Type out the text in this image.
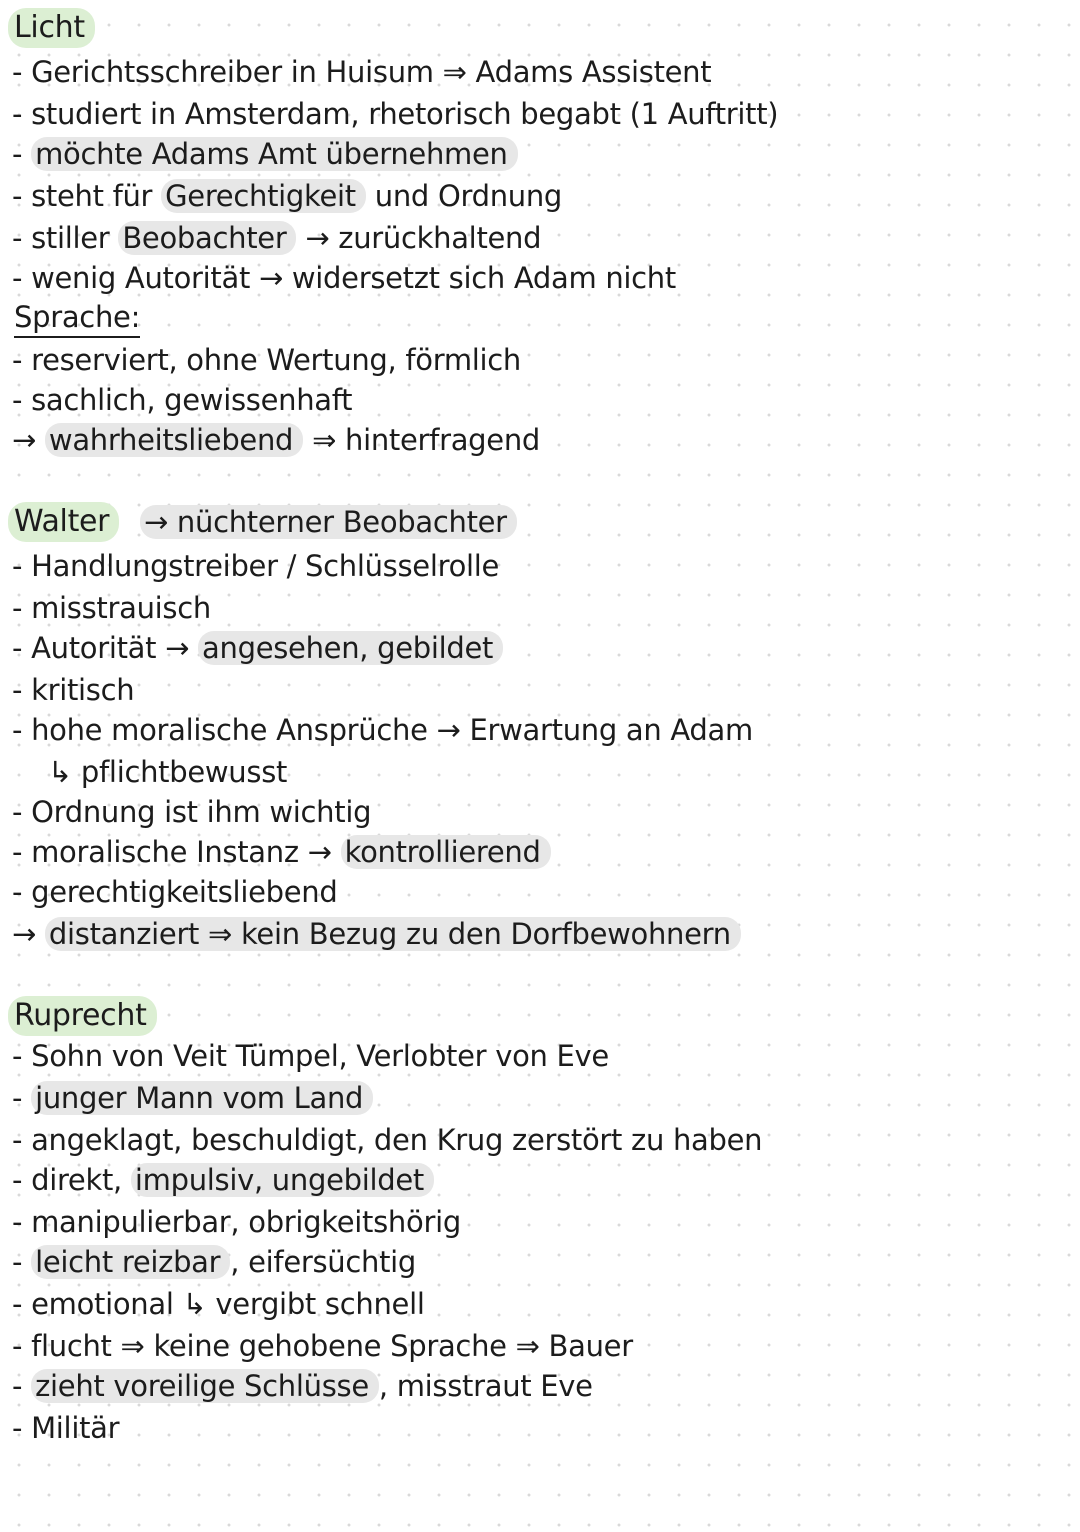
Licht
- Gerichtsschreiber in Huisum ⇒ Adams Assistent
- studiert in Amsterdam, rhetorisch begabt (1 Auftritt)
- möchte Adams Amt übernehmen
- steht für Gerechtigkeit und Ordnung
- stiller Beobachter → zurückhaltend
- wenig Autorität → widersetzt sich Adam nicht
Sprache:
- reserviert, ohne Wertung, förmlich
- sachlich, gewissenhaft
→ wahrheitsliebend ⇒ hinterfragend
Walter	→ nüchterner Beobachter
- Handlungstreiber / Schlüsselrolle
- misstrauisch
- Autorität → angesehen, gebildet
- kritisch
- hohe moralische Ansprüche → Erwartung an Adam
↳ pflichtbewusst
- Ordnung ist ihm wichtig
- moralische Instanz → kontrollierend
- gerechtigkeitsliebend
→ distanziert ⇒ kein Bezug zu den Dorfbewohnern
Ruprecht
- Sohn von Veit Tümpel, Verlobter von Eve
- junger Mann vom Land
- angeklagt, beschuldigt, den Krug zerstört zu haben
- direkt, impulsiv, ungebildet
- manipulierbar, obrigkeitshörig
- leicht reizbar , eifersüchtig
- emotional ↳ vergibt schnell
- flucht ⇒ keine gehobene Sprache ⇒ Bauer
- zieht voreilige Schlüsse , misstraut Eve
- Militär
